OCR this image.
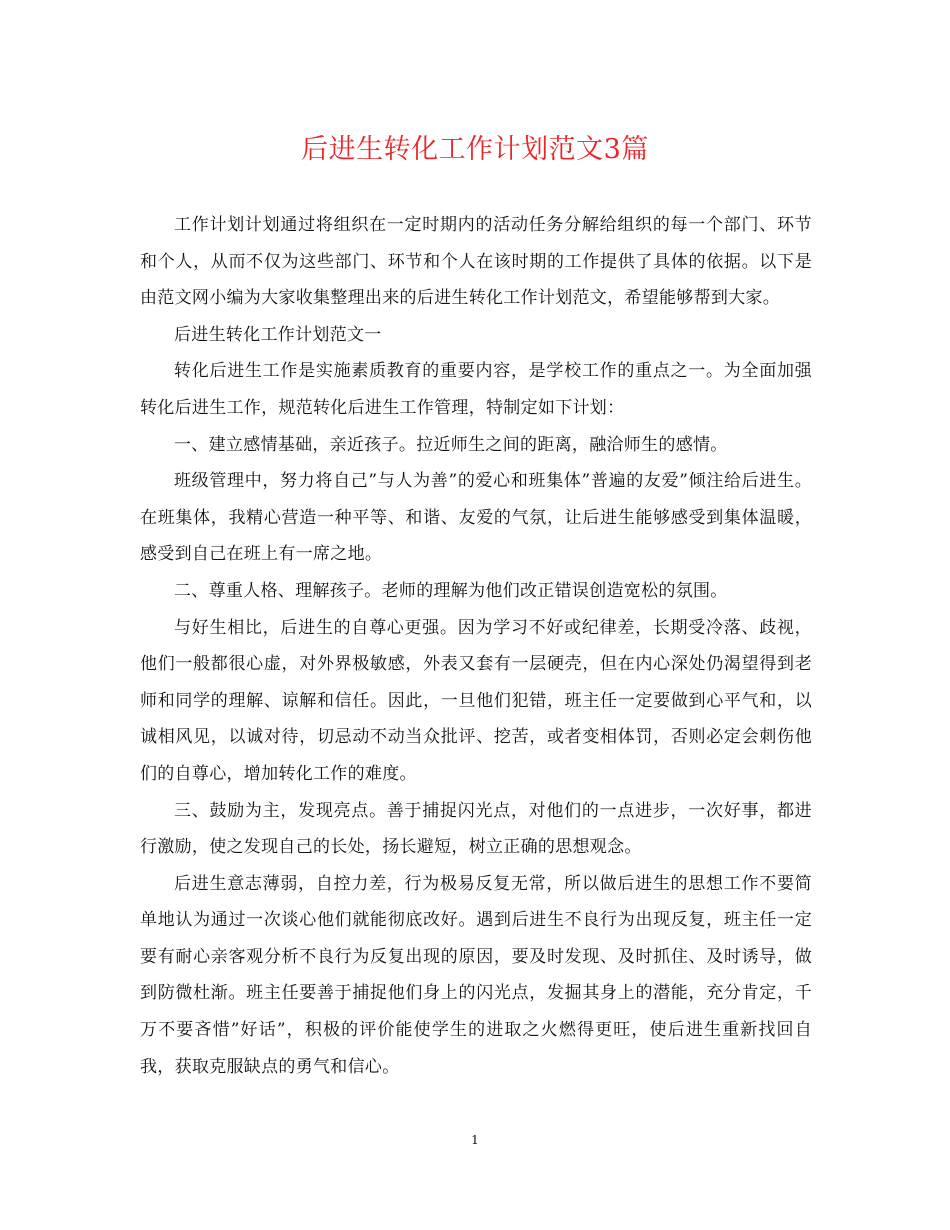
后进生转化工作计划范文3篇

工作计划计划通过将组织在一定时期内的活动任务分解给组织的每一个部门、环节和个人，从而不仅为这些部门、环节和个人在该时期的工作提供了具体的依据。以下是由范文网小编为大家收集整理出来的后进生转化工作计划范文，希望能够帮到大家。

后进生转化工作计划范文一

转化后进生工作是实施素质教育的重要内容，是学校工作的重点之一。为全面加强转化后进生工作，规范转化后进生工作管理，特制定如下计划：

一、建立感情基础，亲近孩子。拉近师生之间的距离，融洽师生的感情。

班级管理中，努力将自己”与人为善”的爱心和班集体”普遍的友爱”倾注给后进生。在班集体，我精心营造一种平等、和谐、友爱的气氛，让后进生能够感受到集体温暖，感受到自己在班上有一席之地。

二、尊重人格、理解孩子。老师的理解为他们改正错误创造宽松的氛围。

与好生相比，后进生的自尊心更强。因为学习不好或纪律差，长期受冷落、歧视，他们一般都很心虚，对外界极敏感，外表又套有一层硬壳，但在内心深处仍渴望得到老师和同学的理解、谅解和信任。因此，一旦他们犯错，班主任一定要做到心平气和，以诚相风见，以诚对待，切忌动不动当众批评、挖苦，或者变相体罚，否则必定会刺伤他们的自尊心，增加转化工作的难度。

三、鼓励为主，发现亮点。善于捕捉闪光点，对他们的一点进步，一次好事，都进行激励，使之发现自己的长处，扬长避短，树立正确的思想观念。

后进生意志薄弱，自控力差，行为极易反复无常，所以做后进生的思想工作不要简单地认为通过一次谈心他们就能彻底改好。遇到后进生不良行为出现反复，班主任一定要有耐心亲客观分析不良行为反复出现的原因，要及时发现、及时抓住、及时诱导，做到防微杜渐。班主任要善于捕捉他们身上的闪光点，发掘其身上的潜能，充分肯定，千万不要吝惜”好话”，积极的评价能使学生的进取之火燃得更旺，使后进生重新找回自我，获取克服缺点的勇气和信心。

1
